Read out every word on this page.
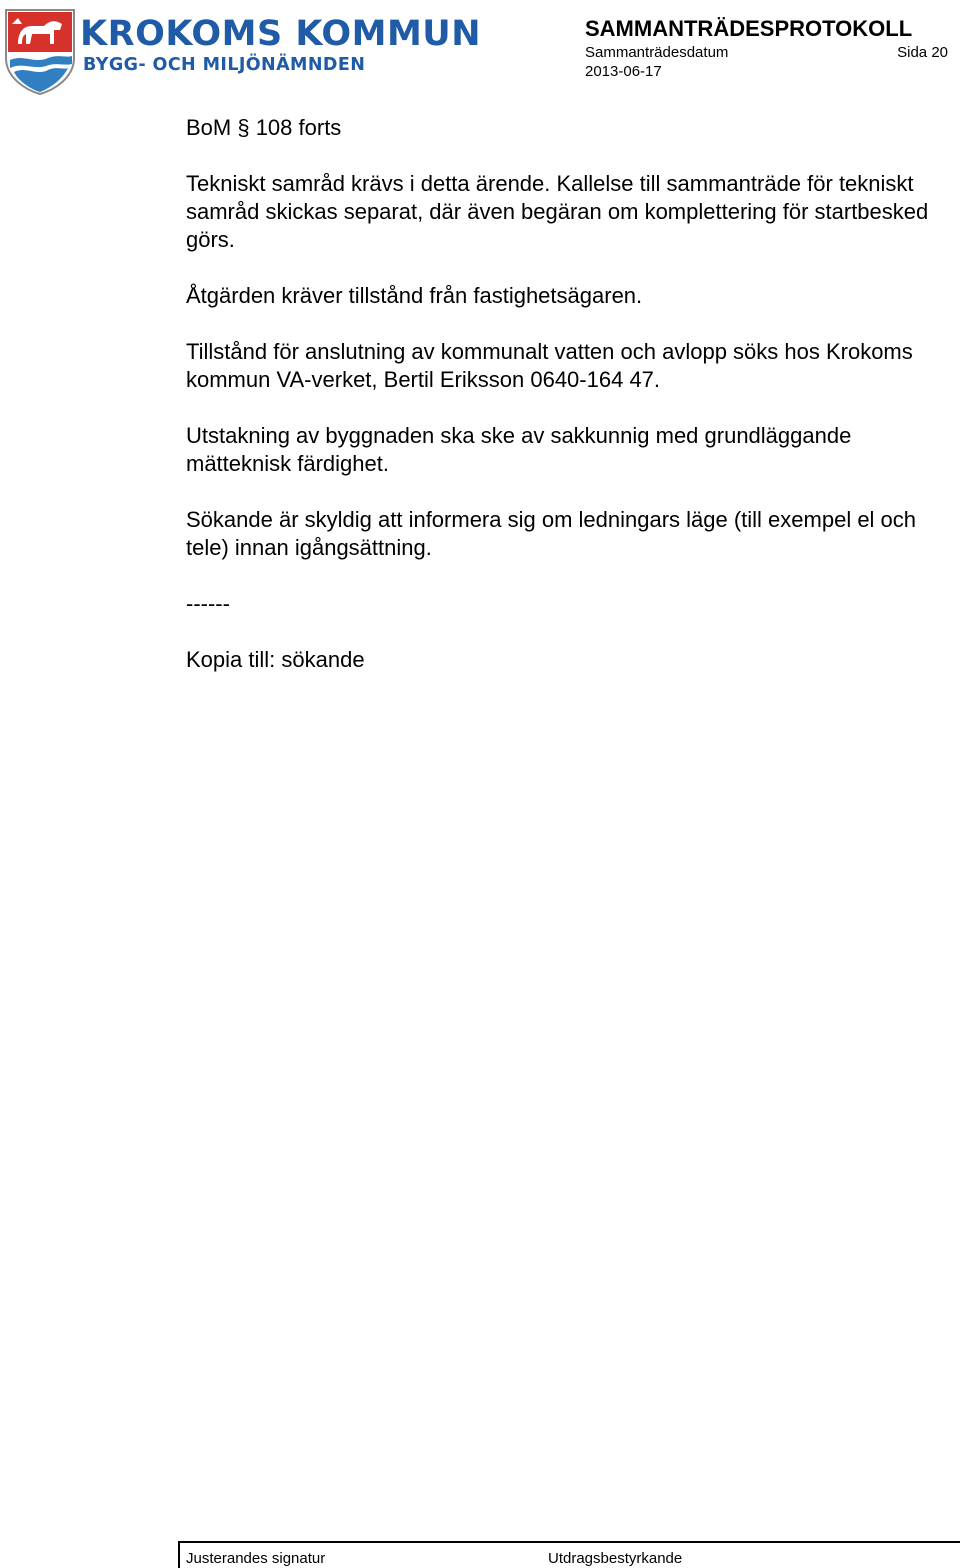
KROKOMS KOMMUN
BYGG- OCH MILJÖNÄMNDEN
SAMMANTRÄDESPROTOKOLL
Sammanträdesdatum	Sida 20
2013-06-17

BoM § 108 forts

Tekniskt samråd krävs i detta ärende. Kallelse till sammanträde för tekniskt samråd skickas separat, där även begäran om komplettering för startbesked görs.

Åtgärden kräver tillstånd från fastighetsägaren.

Tillstånd för anslutning av kommunalt vatten och avlopp söks hos Krokoms kommun VA-verket, Bertil Eriksson 0640-164 47.

Utstakning av byggnaden ska ske av sakkunnig med grundläggande mätteknisk färdighet.

Sökande är skyldig att informera sig om ledningars läge (till exempel el och tele) innan igångsättning.

------

Kopia till: sökande

Justerandes signatur	Utdragsbestyrkande
